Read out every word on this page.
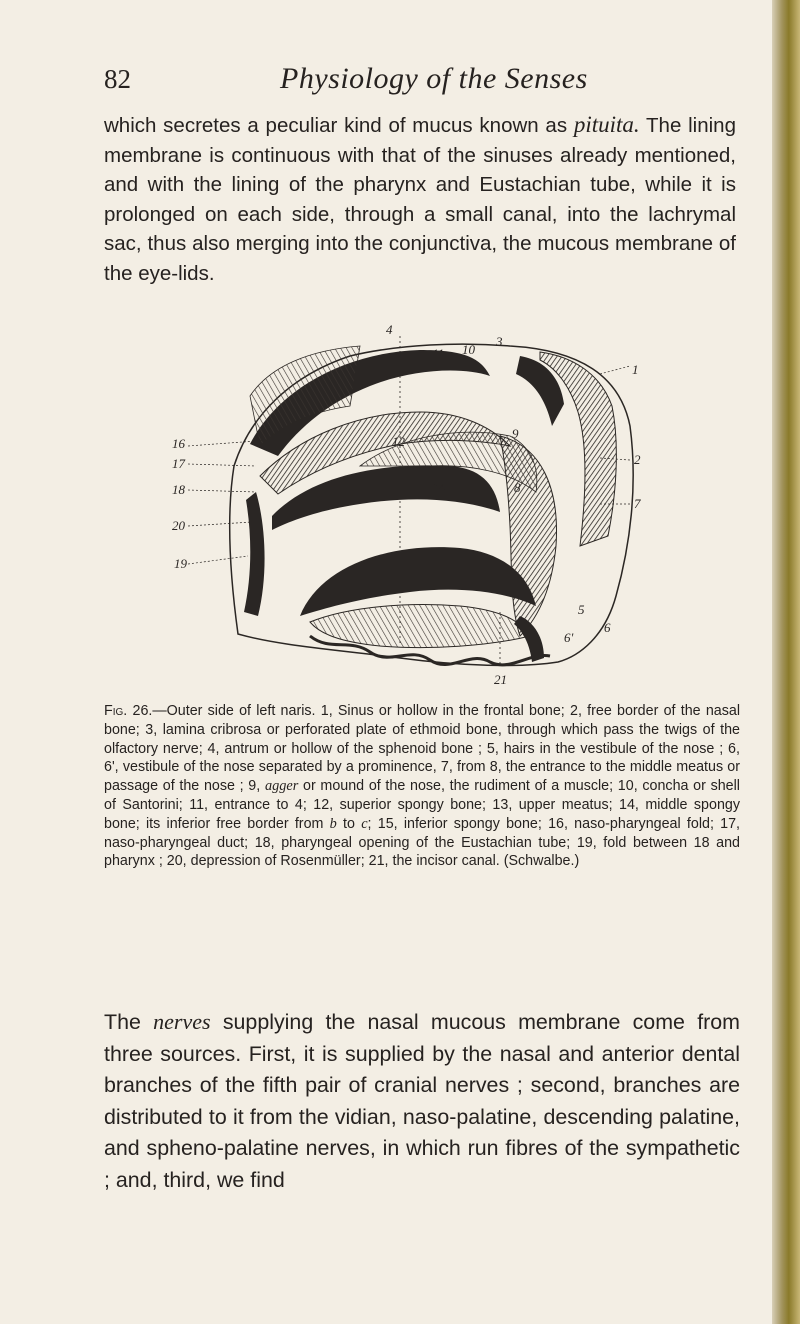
82	Physiology of the Senses

which secretes a peculiar kind of mucus known as pituita. The lining membrane is continuous with that of the sinuses already mentioned, and with the lining of the pharynx and Eustachian tube, while it is prolonged on each side, through a small canal, into the lachrymal sac, thus also merging into the conjunctiva, the mucous membrane of the eye-lids.

4
11 10
3
1
12
9
14	8
16
17
18
20
19
2
7
5
6
6'
21

Fig. 26.—Outer side of left naris. 1, Sinus or hollow in the frontal bone; 2, free border of the nasal bone; 3, lamina cribrosa or perforated plate of ethmoid bone, through which pass the twigs of the olfactory nerve; 4, antrum or hollow of the sphenoid bone ; 5, hairs in the vestibule of the nose ; 6, 6', vestibule of the nose separated by a prominence, 7, from 8, the entrance to the middle meatus or passage of the nose ; 9, agger or mound of the nose, the rudiment of a muscle; 10, concha or shell of Santorini; 11, entrance to 4; 12, superior spongy bone; 13, upper meatus; 14, middle spongy bone; its inferior free border from b to c; 15, inferior spongy bone; 16, naso-pharyngeal fold; 17, naso-pharyngeal duct; 18, pharyngeal opening of the Eustachian tube; 19, fold between 18 and pharynx ; 20, depression of Rosenmüller; 21, the incisor canal. (Schwalbe.)

The nerves supplying the nasal mucous membrane come from three sources. First, it is supplied by the nasal and anterior dental branches of the fifth pair of cranial nerves ; second, branches are distributed to it from the vidian, naso-palatine, descending palatine, and spheno-palatine nerves, in which run fibres of the sympathetic ; and, third, we find
